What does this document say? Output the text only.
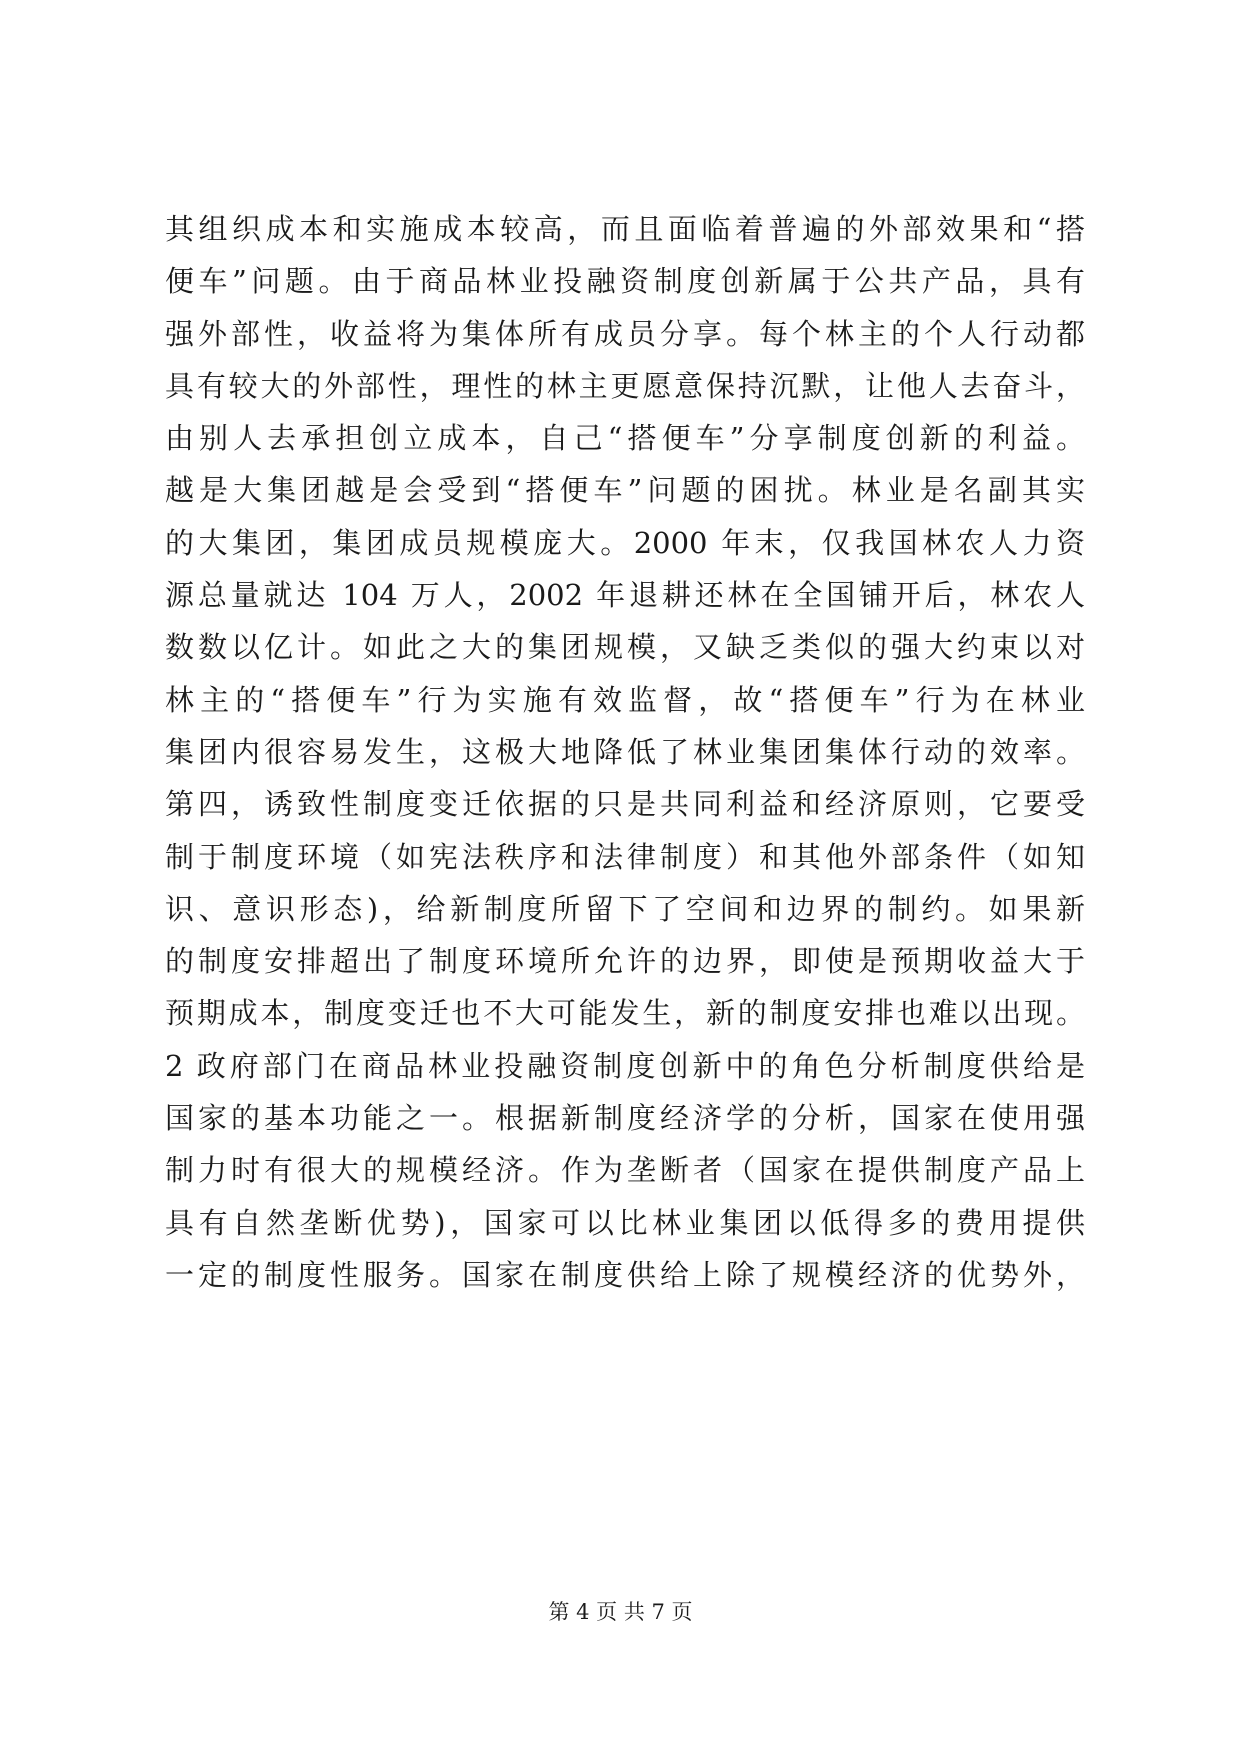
其组织成本和实施成本较高，而且面临着普遍的外部效果和“搭
便车”问题。由于商品林业投融资制度创新属于公共产品，具有
强外部性，收益将为集体所有成员分享。每个林主的个人行动都
具有较大的外部性，理性的林主更愿意保持沉默，让他人去奋斗，
由别人去承担创立成本，自己“搭便车”分享制度创新的利益。
越是大集团越是会受到“搭便车”问题的困扰。林业是名副其实
的大集团，集团成员规模庞大。2000 年末，仅我国林农人力资
源总量就达 104 万人，2002 年退耕还林在全国铺开后，林农人
数数以亿计。如此之大的集团规模，又缺乏类似的强大约束以对
林主的“搭便车”行为实施有效监督，故“搭便车”行为在林业
集团内很容易发生，这极大地降低了林业集团集体行动的效率。
第四，诱致性制度变迁依据的只是共同利益和经济原则，它要受
制于制度环境（如宪法秩序和法律制度）和其他外部条件（如知
识、意识形态)，给新制度所留下了空间和边界的制约。如果新
的制度安排超出了制度环境所允许的边界，即使是预期收益大于
预期成本，制度变迁也不大可能发生，新的制度安排也难以出现。
2 政府部门在商品林业投融资制度创新中的角色分析制度供给是
国家的基本功能之一。根据新制度经济学的分析，国家在使用强
制力时有很大的规模经济。作为垄断者（国家在提供制度产品上
具有自然垄断优势)，国家可以比林业集团以低得多的费用提供
一定的制度性服务。国家在制度供给上除了规模经济的优势外，
第 4 页 共 7 页
